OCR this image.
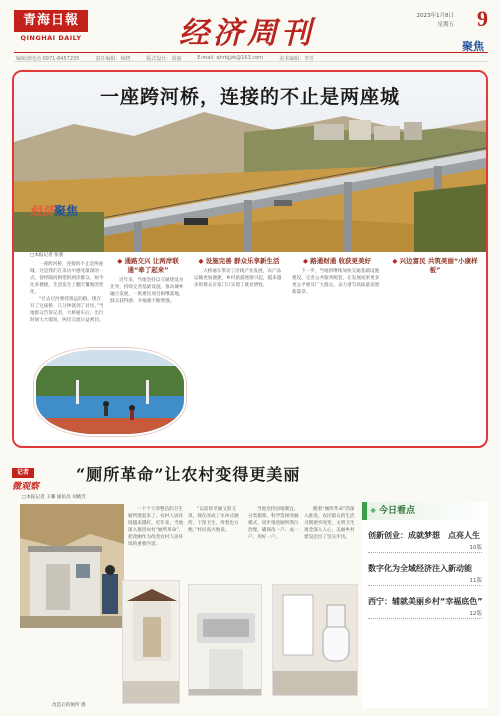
青海日報
QINGHAI DAILY	经济周刊	2023年1月8日
星期五 9
聚焦
编辑部电话 0971-8457235	责任编辑：杨晓	版式设计：周丽	E-mail: qhrbjjzk@163.com	美术编辑：李芳
一座跨河桥，连接的不止是两座城
经济聚焦
□本报记者 张蕾

一座跨河桥，连接的不止是两座城。这是我们在采访中感受最深的一点。曾经隔河相望的两岸群众，如今往来便捷，生活发生了翻天覆地的变化。

“过去过河要绕很远的路，现在有了这座桥，几分钟就到了对岸。”当地群众告诉记者，大桥通车后，出行时间大大缩短，两岸交流日益密切。

◆ 通路交兴 让两岸联通“牵了起来”

近年来，当地坚持以交通建设为先导，持续完善基础设施，推动城乡融合发展，一批惠民项目相继落地，群众获得感、幸福感不断增强。

◆ 设施完善 群众乐享新生活

大桥通车带动了沿线产业发展，农产品运输更加便捷，乡村旅游逐渐兴起，越来越多的群众在家门口实现了就业增收。

◆ 路通财通 收获更美好

下一步，当地将继续加快交通基础设施建设，完善公共服务配套，让发展成果更多更公平惠及广大群众，奋力谱写高质量发展新篇章。

◆ 兴边富民 共筑美丽“小康样板”
记者
微观察
“厕所革命”让农村变得更美丽
□本报记者 王璐 通讯员 刘晓芳
改造后的厕所 摄

一个个干净整洁的卫生厕所建起来了，农村人居环境越来越好。近年来，当地深入推进农村“厕所革命”，把改厕作为改善农村人居环境的重要内容。

“以前的旱厕又脏又臭，现在改成了水冲式厕所，干净卫生，用着也方便。”村民高兴地说。

当地坚持因地制宜、分类施策，科学选择改厕模式，同步推进厕所粪污治理，确保改一户、成一户、用好一户。

随着“厕所革命”的深入推进，农民群众的生活习惯逐步改变，文明卫生观念深入人心，美丽乡村建设迈出了坚实步伐。

❖ 今日看点
创新创业：成就梦想　点亮人生
10版
数字化为全域经济注入新动能
11版
西宁：辅就美丽乡村“幸福底色”
12版
